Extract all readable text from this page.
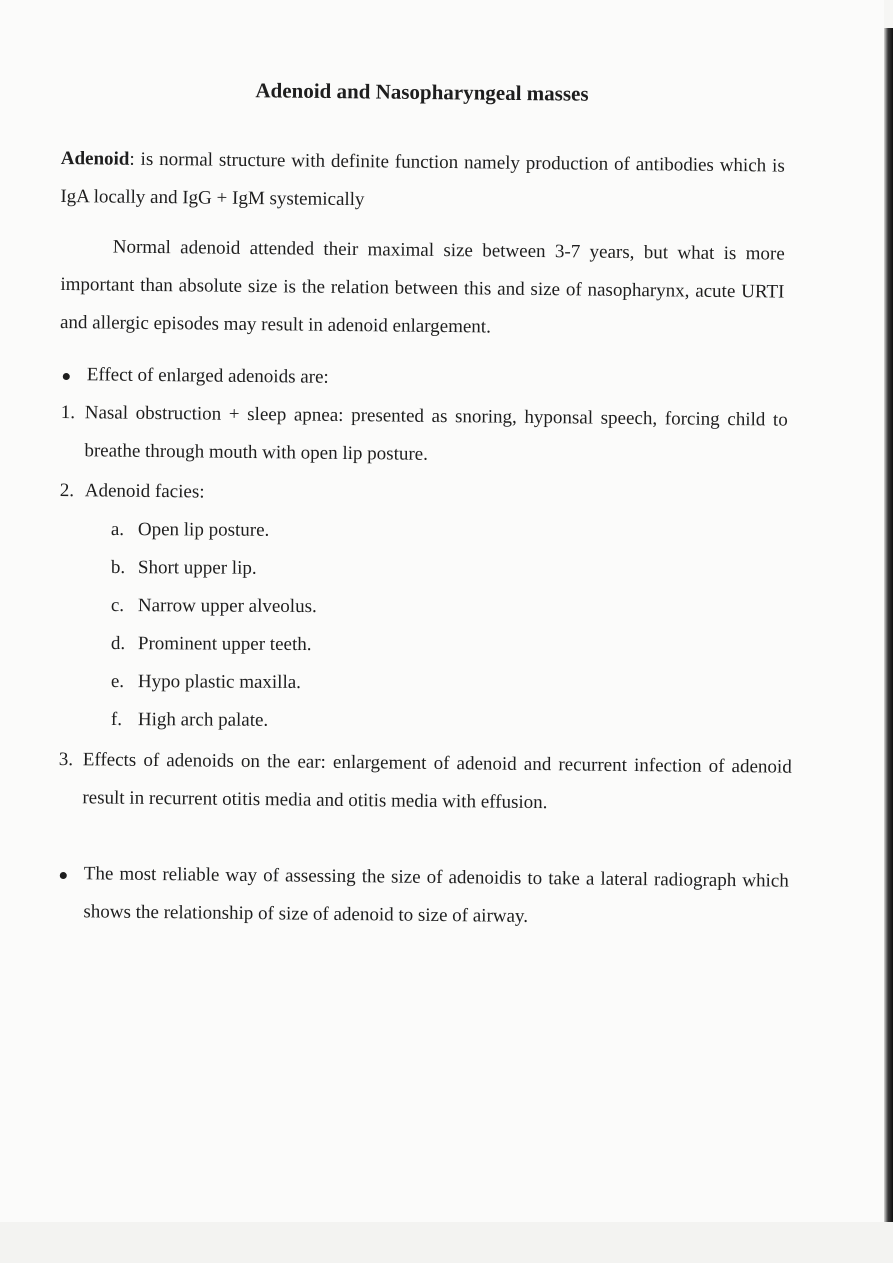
Adenoid and Nasopharyngeal masses
Adenoid: is normal structure with definite function namely production of antibodies which is IgA locally and IgG + IgM systemically
Normal adenoid attended their maximal size between 3-7 years, but what is more important than absolute size is the relation between this and size of nasopharynx, acute URTI and allergic episodes may result in adenoid enlargement.
Effect of enlarged adenoids are:
1. Nasal obstruction + sleep apnea: presented as snoring, hyponsal speech, forcing child to breathe through mouth with open lip posture.
2. Adenoid facies:
a. Open lip posture.
b. Short upper lip.
c. Narrow upper alveolus.
d. Prominent upper teeth.
e. Hypo plastic maxilla.
f. High arch palate.
3. Effects of adenoids on the ear: enlargement of adenoid and recurrent infection of adenoid result in recurrent otitis media and otitis media with effusion.
The most reliable way of assessing the size of adenoidis to take a lateral radiograph which shows the relationship of size of adenoid to size of airway.
